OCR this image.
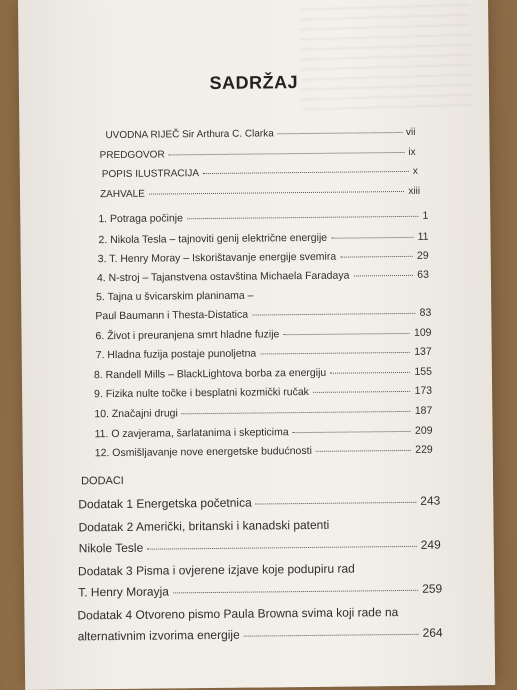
SADRŽAJ
UVODNA RIJEČ Sir Arthura C. Clarka	vii
PREDGOVOR	ix
POPIS ILUSTRACIJA	x
ZAHVALE	xiii
1. Potraga počinje	1
2. Nikola Tesla – tajnoviti genij električne energije	11
3. T. Henry Moray – Iskorištavanje energije svemira	29
4. N-stroj – Tajanstvena ostavština Michaela Faradaya	63
5. Tajna u švicarskim planinama –
Paul Baumann i Thesta-Distatica	83
6. Život i preuranjena smrt hladne fuzije	109
7. Hladna fuzija postaje punoljetna	137
8. Randell Mills – BlackLightova borba za energiju	155
9. Fizika nulte točke i besplatni kozmički ručak	173
10. Značajni drugi	187
11. O zavjerama, šarlatanima i skepticima	209
12. Osmišljavanje nove energetske budućnosti	229
DODACI
Dodatak 1 Energetska početnica	243
Dodatak 2 Američki, britanski i kanadski patenti
Nikole Tesle	249
Dodatak 3 Pisma i ovjerene izjave koje podupiru rad
T. Henry Morayja	259
Dodatak 4 Otvoreno pismo Paula Browna svima koji rade na
alternativnim izvorima energije	264
